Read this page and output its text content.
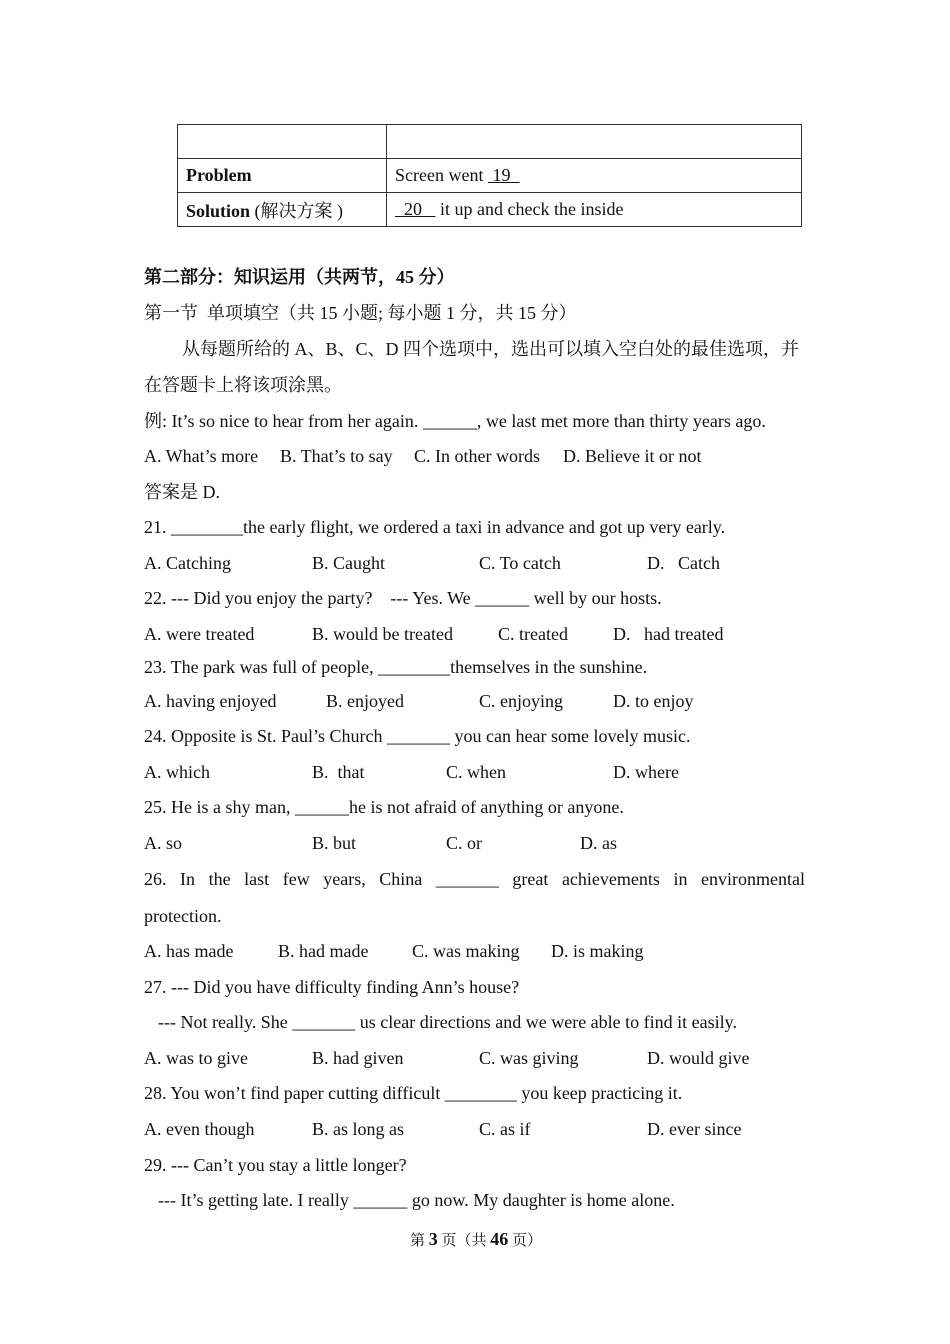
Problem	Screen went  19
Solution (解决方案 )	20    it up and check the inside
第二部分：知识运用（共两节，45 分）
第一节  单项填空（共 15 小题; 每小题 1 分，共 15 分）
从每题所给的 A、B、C、D 四个选项中，选出可以填入空白处的最佳选项，并
在答题卡上将该项涂黑。
例: It’s so nice to hear from her again. ______, we last met more than thirty years ago.
A. What’s more B. That’s to say C. In other words D. Believe it or not
答案是 D.
21. ________the early flight, we ordered a taxi in advance and got up very early.
A. Catching	B. Caught	C. To catch	D.   Catch
22. --- Did you enjoy the party?    --- Yes. We ______ well by our hosts.
A. were treated	B. would be treated	C. treated	D.   had treated
23. The park was full of people, ________themselves in the sunshine.
A. having enjoyed	B. enjoyed	C. enjoying	D. to enjoy
24. Opposite is St. Paul’s Church _______ you can hear some lovely music.
A. which	B.  that	C. when	D. where
25. He is a shy man, ______he is not afraid of anything or anyone.
A. so	B. but	C. or	D. as
26. In the last few years, China _______ great achievements in environmental
protection.
A. has made B. had made C. was making D. is making
27. --- Did you have difficulty finding Ann’s house?
--- Not really. She _______ us clear directions and we were able to find it easily.
A. was to give	B. had given	C. was giving	D. would give
28. You won’t find paper cutting difficult ________ you keep practicing it.
A. even though	B. as long as	C. as if	D. ever since
29. --- Can’t you stay a little longer?
--- It’s getting late. I really ______ go now. My daughter is home alone.
第 3 页（共 46 页）
